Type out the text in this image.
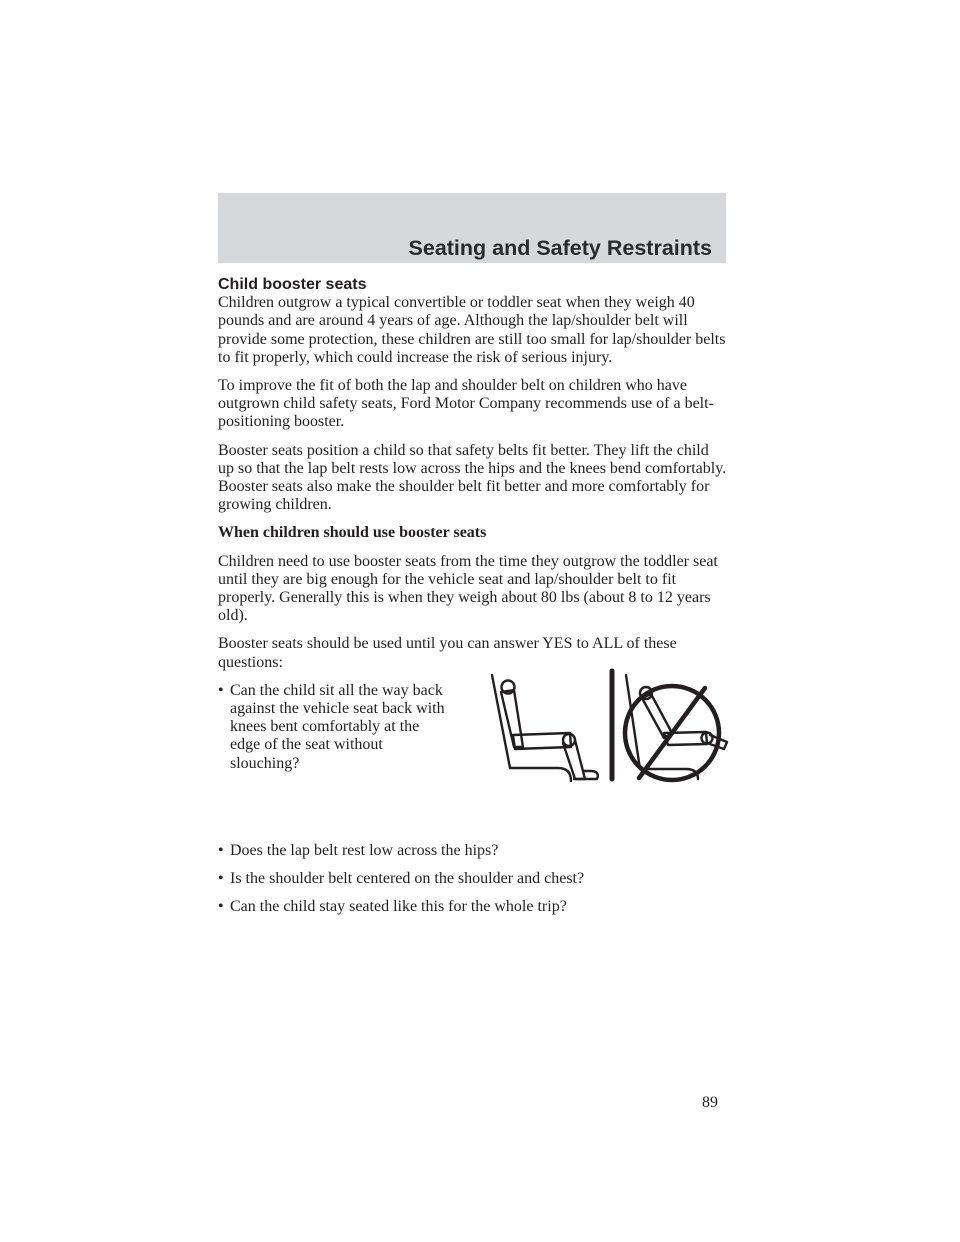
Seating and Safety Restraints

Child booster seats

Children outgrow a typical convertible or toddler seat when they weigh 40 pounds and are around 4 years of age. Although the lap/shoulder belt will provide some protection, these children are still too small for lap/shoulder belts to fit properly, which could increase the risk of serious injury.

To improve the fit of both the lap and shoulder belt on children who have outgrown child safety seats, Ford Motor Company recommends use of a belt-positioning booster.

Booster seats position a child so that safety belts fit better. They lift the child up so that the lap belt rests low across the hips and the knees bend comfortably. Booster seats also make the shoulder belt fit better and more comfortably for growing children.

When children should use booster seats

Children need to use booster seats from the time they outgrow the toddler seat until they are big enough for the vehicle seat and lap/shoulder belt to fit properly. Generally this is when they weigh about 80 lbs (about 8 to 12 years old).

Booster seats should be used until you can answer YES to ALL of these questions:

• Can the child sit all the way back against the vehicle seat back with knees bent comfortably at the edge of the seat without slouching?

• Does the lap belt rest low across the hips?

• Is the shoulder belt centered on the shoulder and chest?

• Can the child stay seated like this for the whole trip?

89
